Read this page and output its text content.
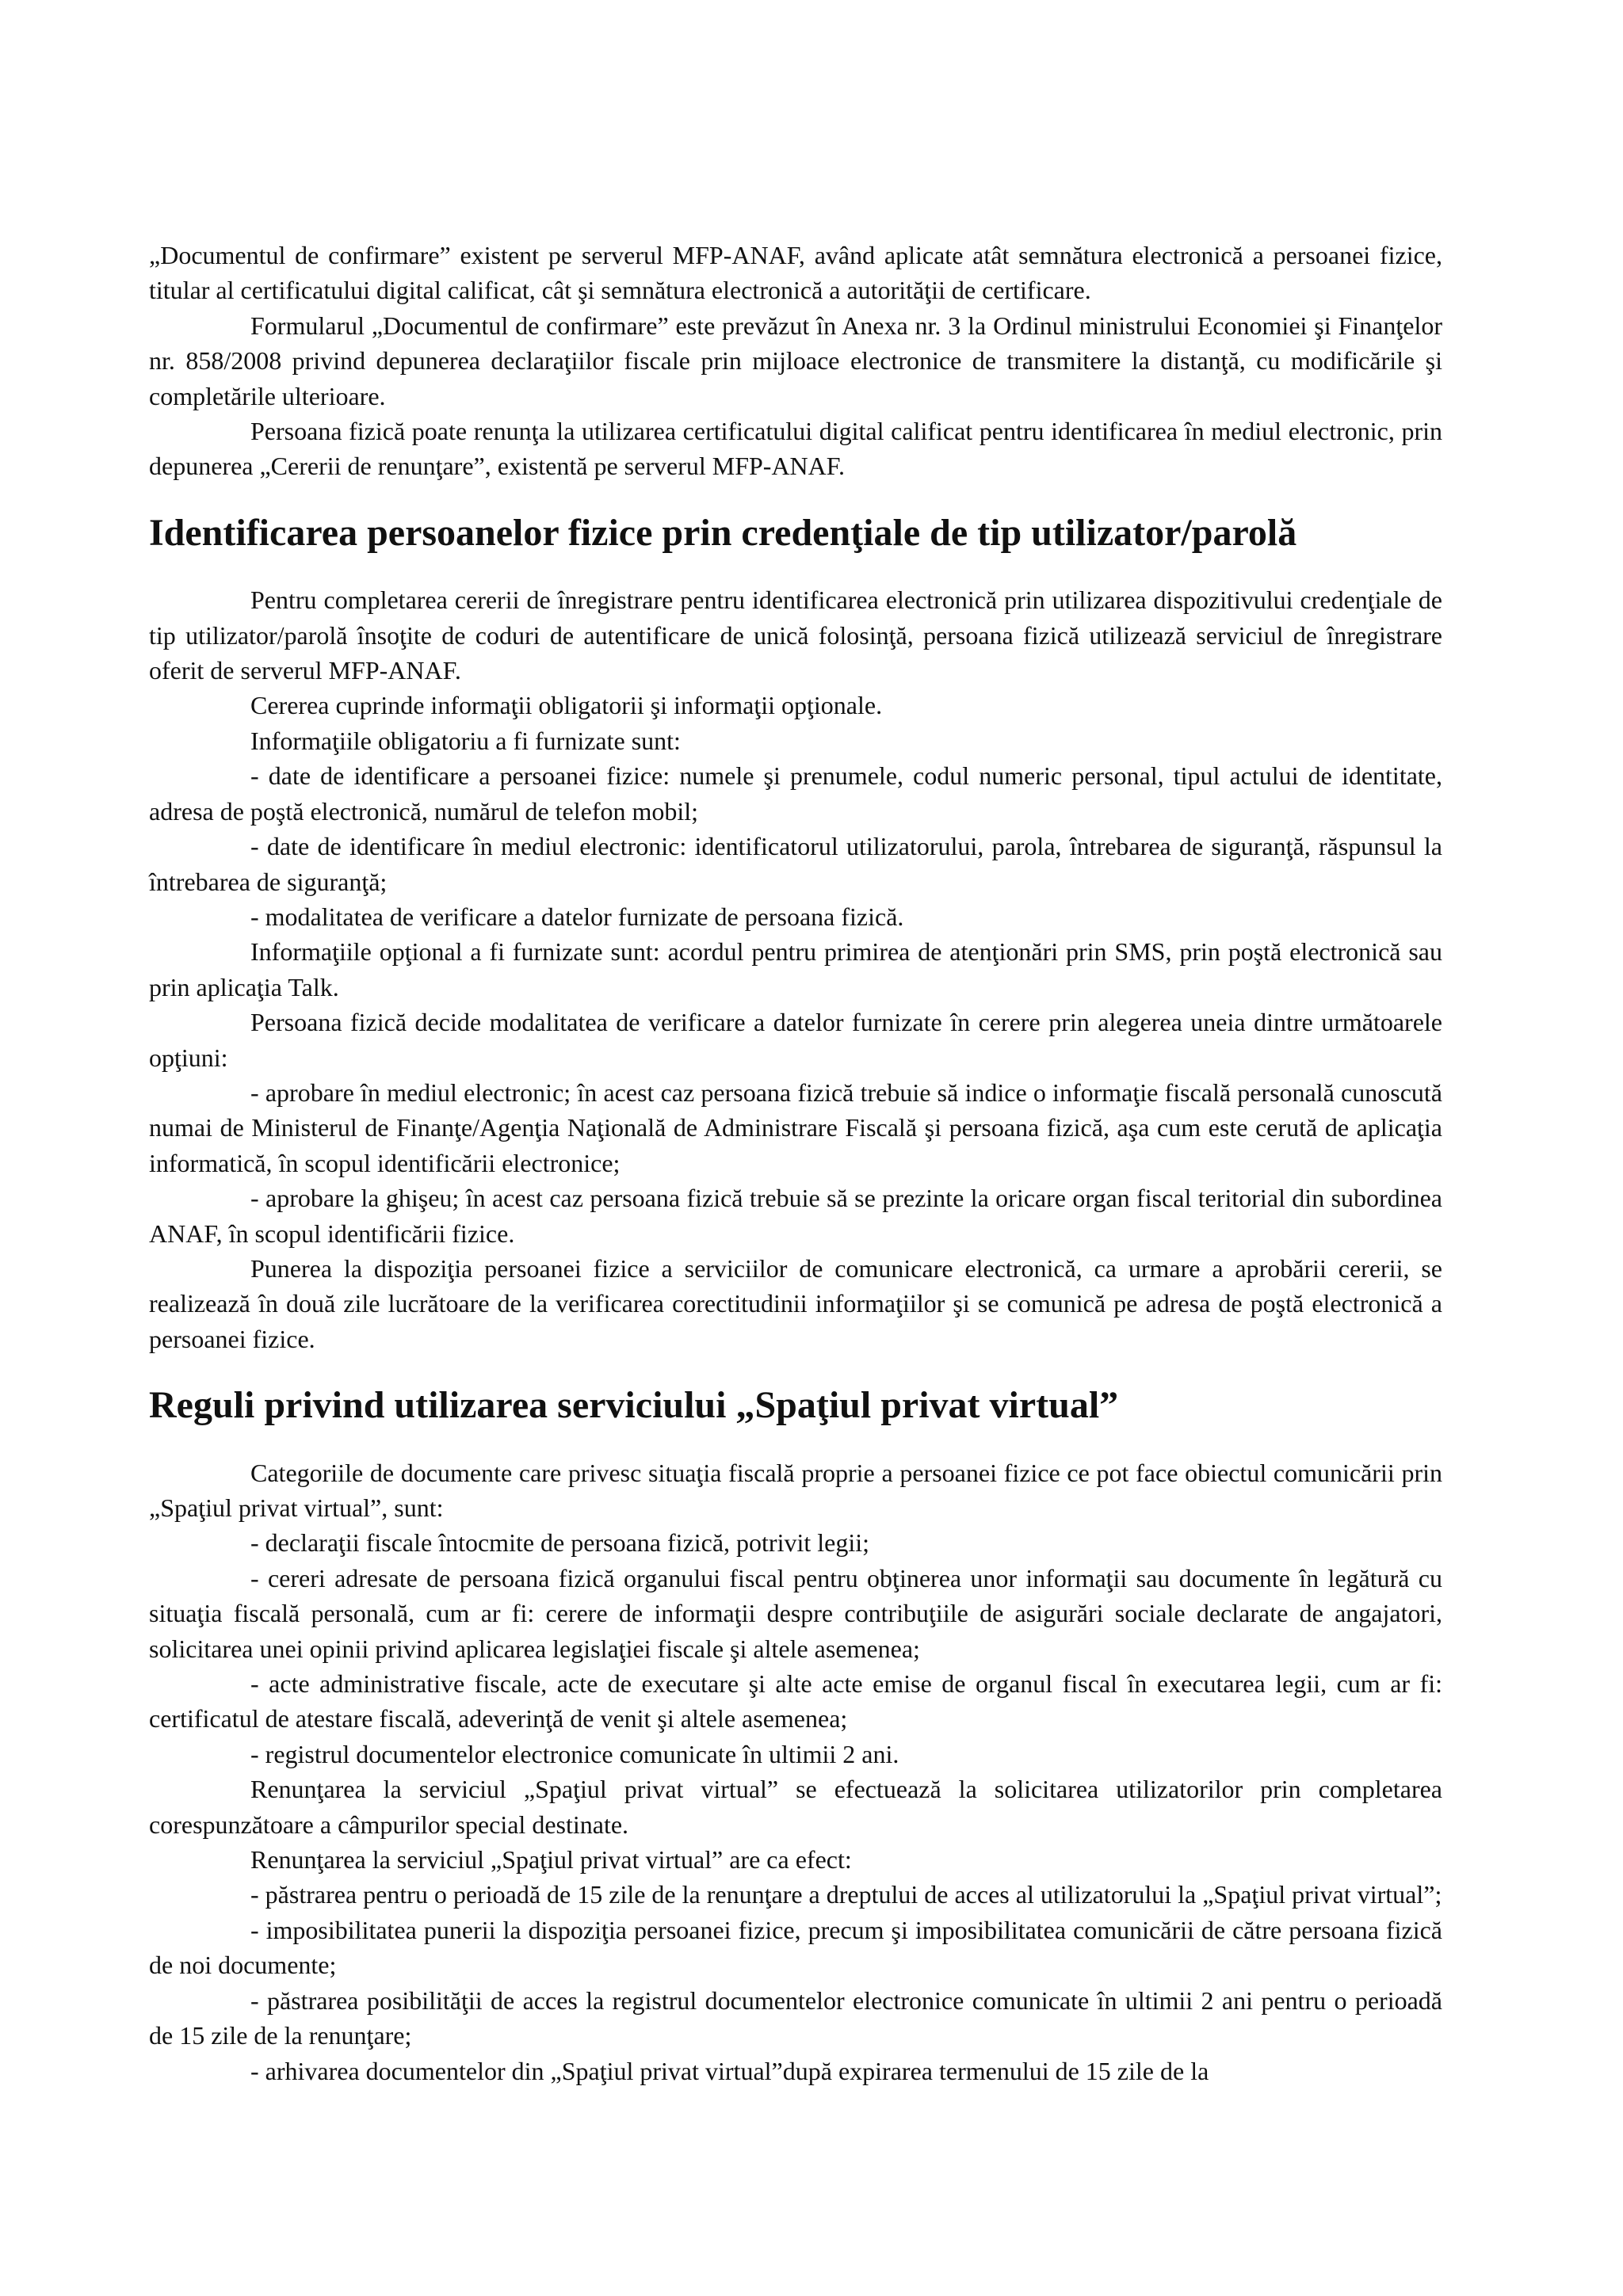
„Documentul de confirmare” existent pe serverul MFP-ANAF, având aplicate atât semnătura electronică a persoanei fizice, titular al certificatului digital calificat, cât şi semnătura electronică a autorităţii de certificare.

Formularul „Documentul de confirmare” este prevăzut în Anexa nr. 3 la Ordinul ministrului Economiei şi Finanţelor nr. 858/2008 privind depunerea declaraţiilor fiscale prin mijloace electronice de transmitere la distanţă, cu modificările şi completările ulterioare.

Persoana fizică poate renunţa la utilizarea certificatului digital calificat pentru identificarea în mediul electronic, prin depunerea „Cererii de renunţare”, existentă pe serverul MFP-ANAF.

Identificarea persoanelor fizice prin credenţiale de tip utilizator/parolă

Pentru completarea cererii de înregistrare pentru identificarea electronică prin utilizarea dispozitivului credenţiale de tip utilizator/parolă însoţite de coduri de autentificare de unică folosinţă, persoana fizică utilizează serviciul de înregistrare oferit de serverul MFP-ANAF.

Cererea cuprinde informaţii obligatorii şi informaţii opţionale.

Informaţiile obligatoriu a fi furnizate sunt:

- date de identificare a persoanei fizice: numele şi prenumele, codul numeric personal, tipul actului de identitate, adresa de poştă electronică, numărul de telefon mobil;

- date de identificare în mediul electronic: identificatorul utilizatorului, parola, întrebarea de siguranţă, răspunsul la întrebarea de siguranţă;

- modalitatea de verificare a datelor furnizate de persoana fizică.

Informaţiile opţional a fi furnizate sunt: acordul pentru primirea de atenţionări prin SMS, prin poştă electronică sau prin aplicaţia Talk.

Persoana fizică decide modalitatea de verificare a datelor furnizate în cerere prin alegerea uneia dintre următoarele opţiuni:

- aprobare în mediul electronic; în acest caz persoana fizică trebuie să indice o informaţie fiscală personală cunoscută numai de Ministerul de Finanţe/Agenţia Naţională de Administrare Fiscală şi persoana fizică, aşa cum este cerută de aplicaţia informatică, în scopul identificării electronice;

- aprobare la ghişeu; în acest caz persoana fizică trebuie să se prezinte la oricare organ fiscal teritorial din subordinea ANAF, în scopul identificării fizice.

Punerea la dispoziţia persoanei fizice a serviciilor de comunicare electronică, ca urmare a aprobării cererii, se realizează în două zile lucrătoare de la verificarea corectitudinii informaţiilor şi se comunică pe adresa de poştă electronică a persoanei fizice.

Reguli privind utilizarea serviciului „Spaţiul privat virtual”

Categoriile de documente care privesc situaţia fiscală proprie a persoanei fizice ce pot face obiectul comunicării prin „Spaţiul privat virtual”, sunt:

- declaraţii fiscale întocmite de persoana fizică, potrivit legii;

- cereri adresate de persoana fizică organului fiscal pentru obţinerea unor informaţii sau documente în legătură cu situaţia fiscală personală, cum ar fi: cerere de informaţii despre contribuţiile de asigurări sociale declarate de angajatori, solicitarea unei opinii privind aplicarea legislaţiei fiscale şi altele asemenea;

- acte administrative fiscale, acte de executare şi alte acte emise de organul fiscal în executarea legii, cum ar fi: certificatul de atestare fiscală, adeverinţă de venit şi altele asemenea;

- registrul documentelor electronice comunicate în ultimii 2 ani.

Renunţarea la serviciul „Spaţiul privat virtual” se efectuează la solicitarea utilizatorilor prin completarea corespunzătoare a câmpurilor special destinate.

Renunţarea la serviciul „Spaţiul privat virtual” are ca efect:

- păstrarea pentru o perioadă de 15 zile de la renunţare a dreptului de acces al utilizatorului la „Spaţiul privat virtual”;

- imposibilitatea punerii la dispoziţia persoanei fizice, precum şi imposibilitatea comunicării de către persoana fizică de noi documente;

- păstrarea posibilităţii de acces la registrul documentelor electronice comunicate în ultimii 2 ani pentru o perioadă de 15 zile de la renunţare;

- arhivarea documentelor din „Spaţiul privat virtual”după expirarea termenului de 15 zile de la
